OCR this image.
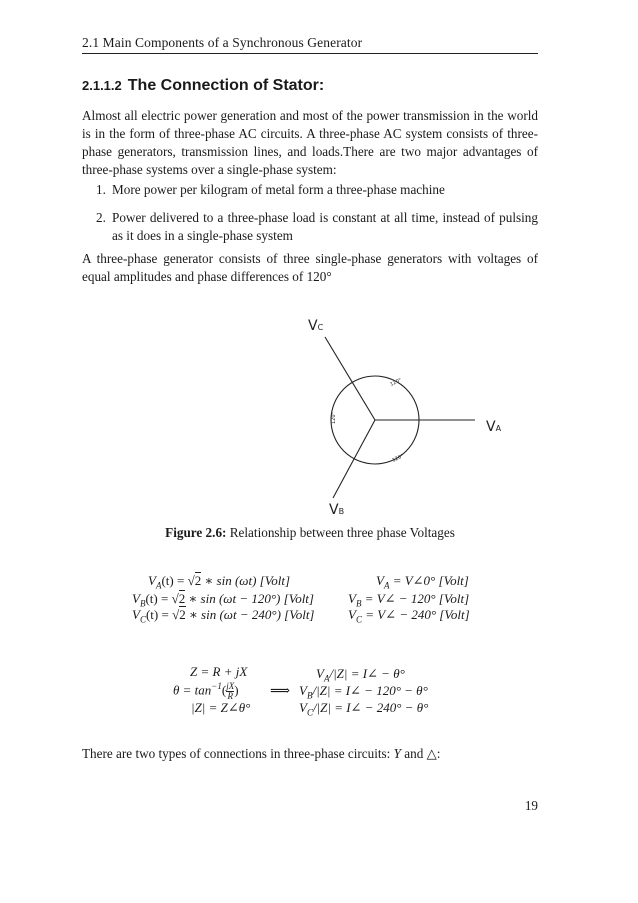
2.1 Main Components of a Synchronous Generator
2.1.1.2 The Connection of Stator:
Almost all electric power generation and most of the power transmission in the world is in the form of three-phase AC circuits. A three-phase AC system consists of three-phase generators, transmission lines, and loads.There are two major advantages of three-phase systems over a single-phase system:
1. More power per kilogram of metal form a three-phase machine
2. Power delivered to a three-phase load is constant at all time, instead of pulsing as it does in a single-phase system
A three-phase generator consists of three single-phase generators with voltages of equal amplitudes and phase differences of 120°
VC
VA
VB
120°
120°
120°
Figure 2.6: Relationship between three phase Voltages
$V_A(t) = √2$ ∗ sin (ωt) [Volt]
$V_B(t) = √2$ ∗ sin (ωt − 120°) [Volt]
$V_C(t) = √2$ ∗ sin (ωt − 240°) [Volt]
$V_A$ = V∠0° [Volt]
$V_B$ = V∠ − 120° [Volt]
$V_C$ = V∠ − 240° [Volt]
Z = R + jX
$\theta = \tan^{-1}( \frac{jX}{R}$ )
|Z| = Z∠θ°
⟹
$V_A/|Z|$ = I∠ − θ°
$V_B/|Z|$ = I∠ − 120° − θ°
$V_C/|Z|$ = I∠ − 240° − θ°
There are two types of connections in three-phase circuits: Y and △:
19
